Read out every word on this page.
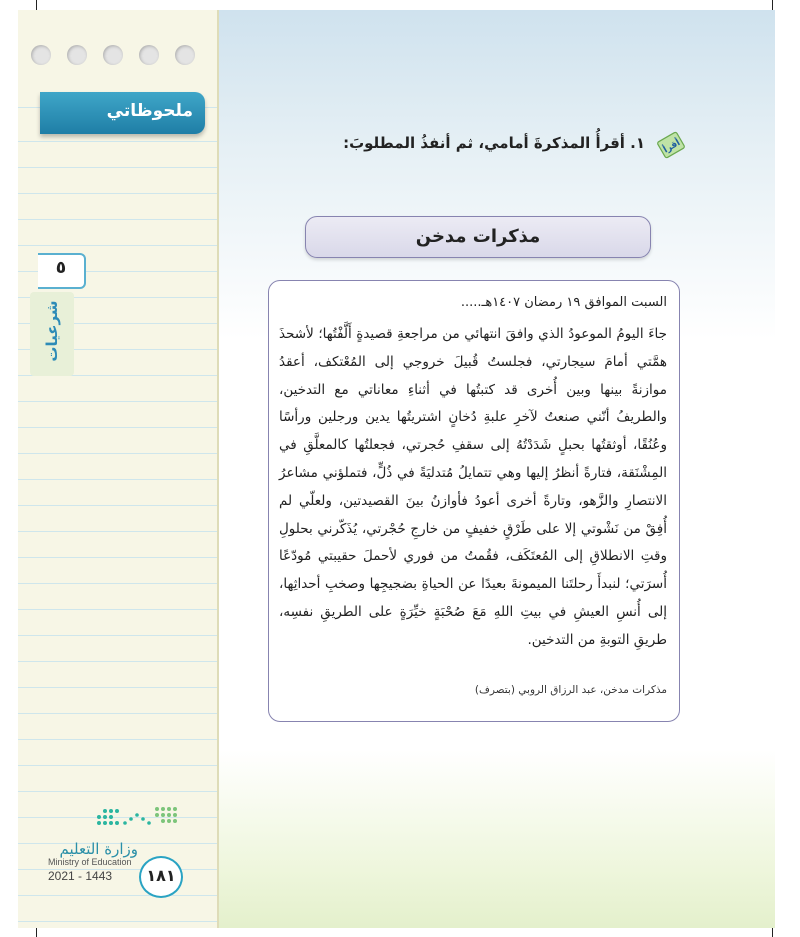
ملحوظاتي
٥
شرعيات
وزارة التعليم
Ministry of Education
2021 - 1443	١٨١
أقرأ
١. أقرأُ المذكرةَ أمامي، ثم أنفذُ المطلوبَ:
مذكرات مدخن
السبت الموافق ١٩ رمضان ١٤٠٧هـ.....
جاءَ اليومُ الموعودُ الذي وافقَ انتهائي من مراجعةِ قصيدةٍ أَلَّفْتُها؛ لأشحذَ همَّتي أمامَ سيجارتي، فجلستُ قُبيلَ خروجي إلى المُعْتكف، أعقدُ موازنةً بينها وبين أُخرى قد كتبتُها في أثناءِ معاناتي مع التدخين، والطريفُ أنّني صنعتُ لآخرِ علبةِ دُخانٍ اشتريتُها يدين ورجلين ورأسًا وعُنُقًا، أوثقتُها بحبلٍ شَدَدْتُهُ إلى سقفِ حُجرتي، فجعلتُها كالمعلَّقِ في المِشْنَقة، فتارةً أنظرُ إليها وهي تتمايلُ مُتدليَةً في ذُلٍّ، فتملؤني مشاعرُ الانتصارِ والزَّهو، وتارةً أخرى أعودُ فأوازنُ بينَ القصيدتين، ولعلّي لم أُفِقْ من نَشْوتي إلا على طَرْقٍ خفيفٍ من خارجِ حُجْرتي، يُذَكّرني بحلولِ وقتِ الانطلاقِ إلى المُعتَكَف، فقُمتُ من فوري لأحملَ حقيبتي مُودّعًا أُسرَتي؛ لنبدأَ رحلتَنا الميمونةَ بعيدًا عن الحياةِ بضجيجِها وصخبِ أحداثِها، إلى أُنسِ العيشِ في بيتِ اللهِ مَعَ صُحْبَةٍ خيِّرَةٍ على الطريقِ نفسِه، طريقِ التوبةِ من التدخين.
مذكرات مدخن، عبد الرزاق الروبي (بتصرف)
